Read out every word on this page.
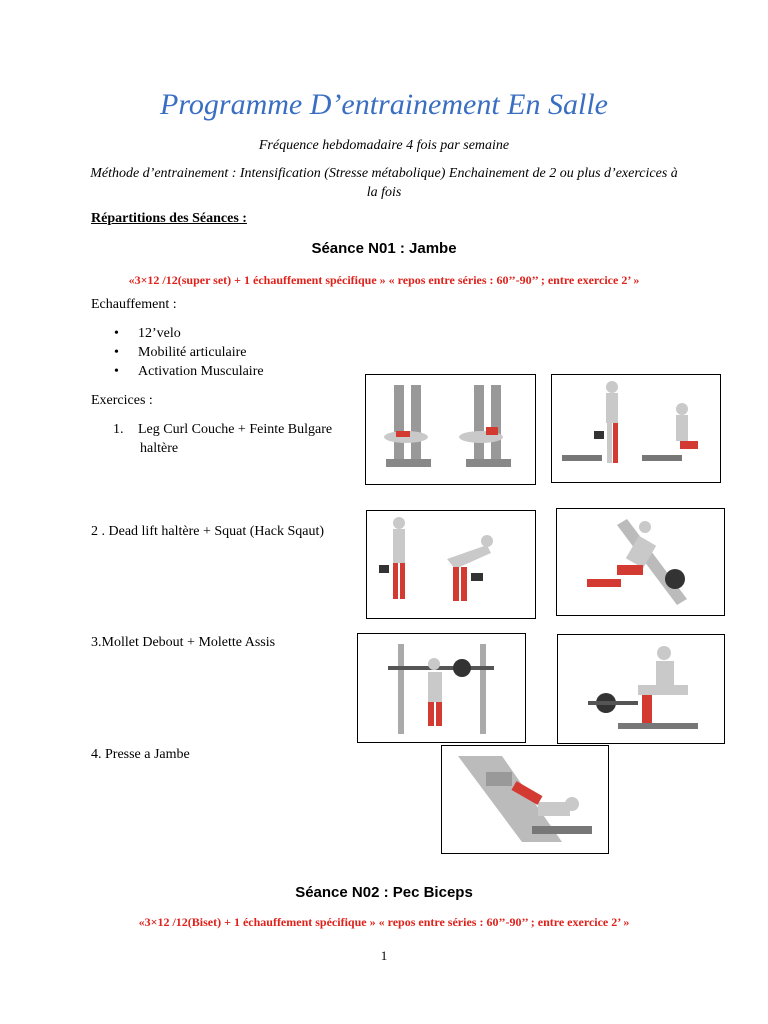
Programme D’entrainement En Salle

Fréquence hebdomadaire 4 fois par semaine

Méthode d’entrainement : Intensification (Stresse métabolique) Enchainement de 2 ou plus d’exercices à la fois

Répartitions des Séances :

Séance N01 : Jambe

«3×12 /12(super set) + 1 échauffement spécifique » « repos entre séries : 60’’-90’’ ; entre exercice 2’ »

Echauffement :

• 12’velo
• Mobilité articulaire
• Activation Musculaire

Exercices :

1. Leg Curl Couche + Feinte Bulgare

haltère

2 . Dead lift haltère + Squat (Hack Sqaut)

3.Mollet Debout + Molette Assis

4. Presse a Jambe

Séance N02 : Pec Biceps

«3×12 /12(Biset) + 1 échauffement spécifique » « repos entre séries : 60’’-90’’ ; entre exercice 2’ »

1
